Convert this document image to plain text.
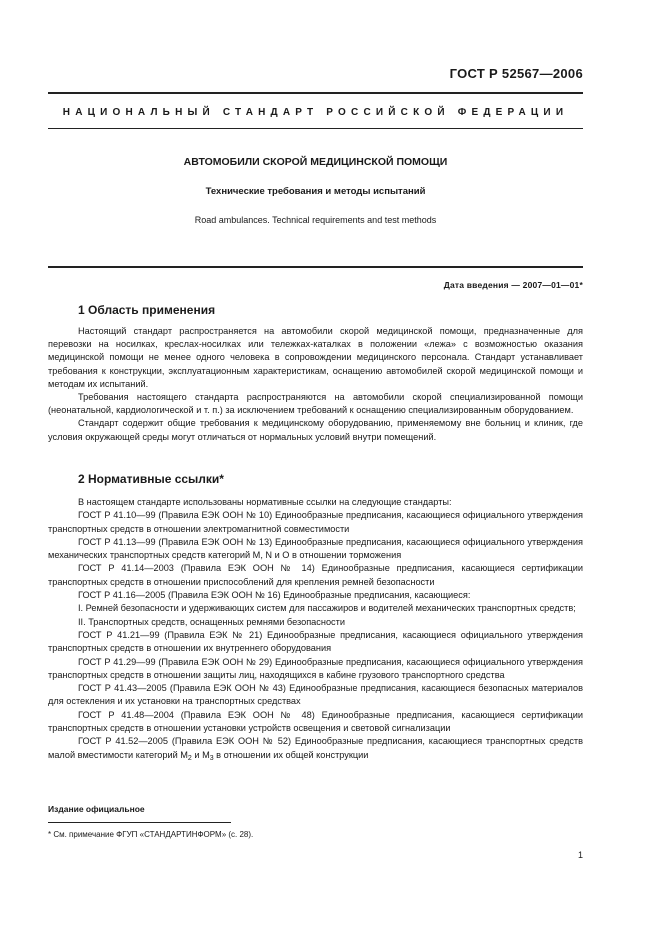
ГОСТ Р 52567—2006
НАЦИОНАЛЬНЫЙ СТАНДАРТ РОССИЙСКОЙ ФЕДЕРАЦИИ
АВТОМОБИЛИ СКОРОЙ МЕДИЦИНСКОЙ ПОМОЩИ
Технические требования и методы испытаний
Road ambulances. Technical requirements and test methods
Дата введения — 2007—01—01*
1 Область применения

Настоящий стандарт распространяется на автомобили скорой медицинской помощи, предназначенные для перевозки на носилках, креслах-носилках или тележках-каталках в положении «лежа» с возможностью оказания медицинской помощи не менее одного человека в сопровождении медицинского персонала. Стандарт устанавливает требования к конструкции, эксплуатационным характеристикам, оснащению автомобилей скорой медицинской помощи и методам их испытаний.

Требования настоящего стандарта распространяются на автомобили скорой специализированной помощи (неонатальной, кардиологической и т. п.) за исключением требований к оснащению специализированным оборудованием.

Стандарт содержит общие требования к медицинскому оборудованию, применяемому вне больниц и клиник, где условия окружающей среды могут отличаться от нормальных условий внутри помещений.

2 Нормативные ссылки*

В настоящем стандарте использованы нормативные ссылки на следующие стандарты:

ГОСТ Р 41.10—99 (Правила ЕЭК ООН № 10) Единообразные предписания, касающиеся официального утверждения транспортных средств в отношении электромагнитной совместимости

ГОСТ Р 41.13—99 (Правила ЕЭК ООН № 13) Единообразные предписания, касающиеся официального утверждения механических транспортных средств категорий M, N и O в отношении торможения

ГОСТ Р 41.14—2003 (Правила ЕЭК ООН № 14) Единообразные предписания, касающиеся сертификации транспортных средств в отношении приспособлений для крепления ремней безопасности

ГОСТ Р 41.16—2005 (Правила ЕЭК ООН № 16) Единообразные предписания, касающиеся:

I. Ремней безопасности и удерживающих систем для пассажиров и водителей механических транспортных средств;

II. Транспортных средств, оснащенных ремнями безопасности

ГОСТ Р 41.21—99 (Правила ЕЭК № 21) Единообразные предписания, касающиеся официального утверждения транспортных средств в отношении их внутреннего оборудования

ГОСТ Р 41.29—99 (Правила ЕЭК ООН № 29) Единообразные предписания, касающиеся официального утверждения транспортных средств в отношении защиты лиц, находящихся в кабине грузового транспортного средства

ГОСТ Р 41.43—2005 (Правила ЕЭК ООН № 43) Единообразные предписания, касающиеся безопасных материалов для остекления и их установки на транспортных средствах

ГОСТ Р 41.48—2004 (Правила ЕЭК ООН № 48) Единообразные предписания, касающиеся сертификации транспортных средств в отношении установки устройств освещения и световой сигнализации

ГОСТ Р 41.52—2005 (Правила ЕЭК ООН № 52) Единообразные предписания, касающиеся транспортных средств малой вместимости категорий $M_2$ и $M_3$ в отношении их общей конструкции

Издание официальное
* См. примечание ФГУП «СТАНДАРТИНФОРМ» (с. 28).
1
